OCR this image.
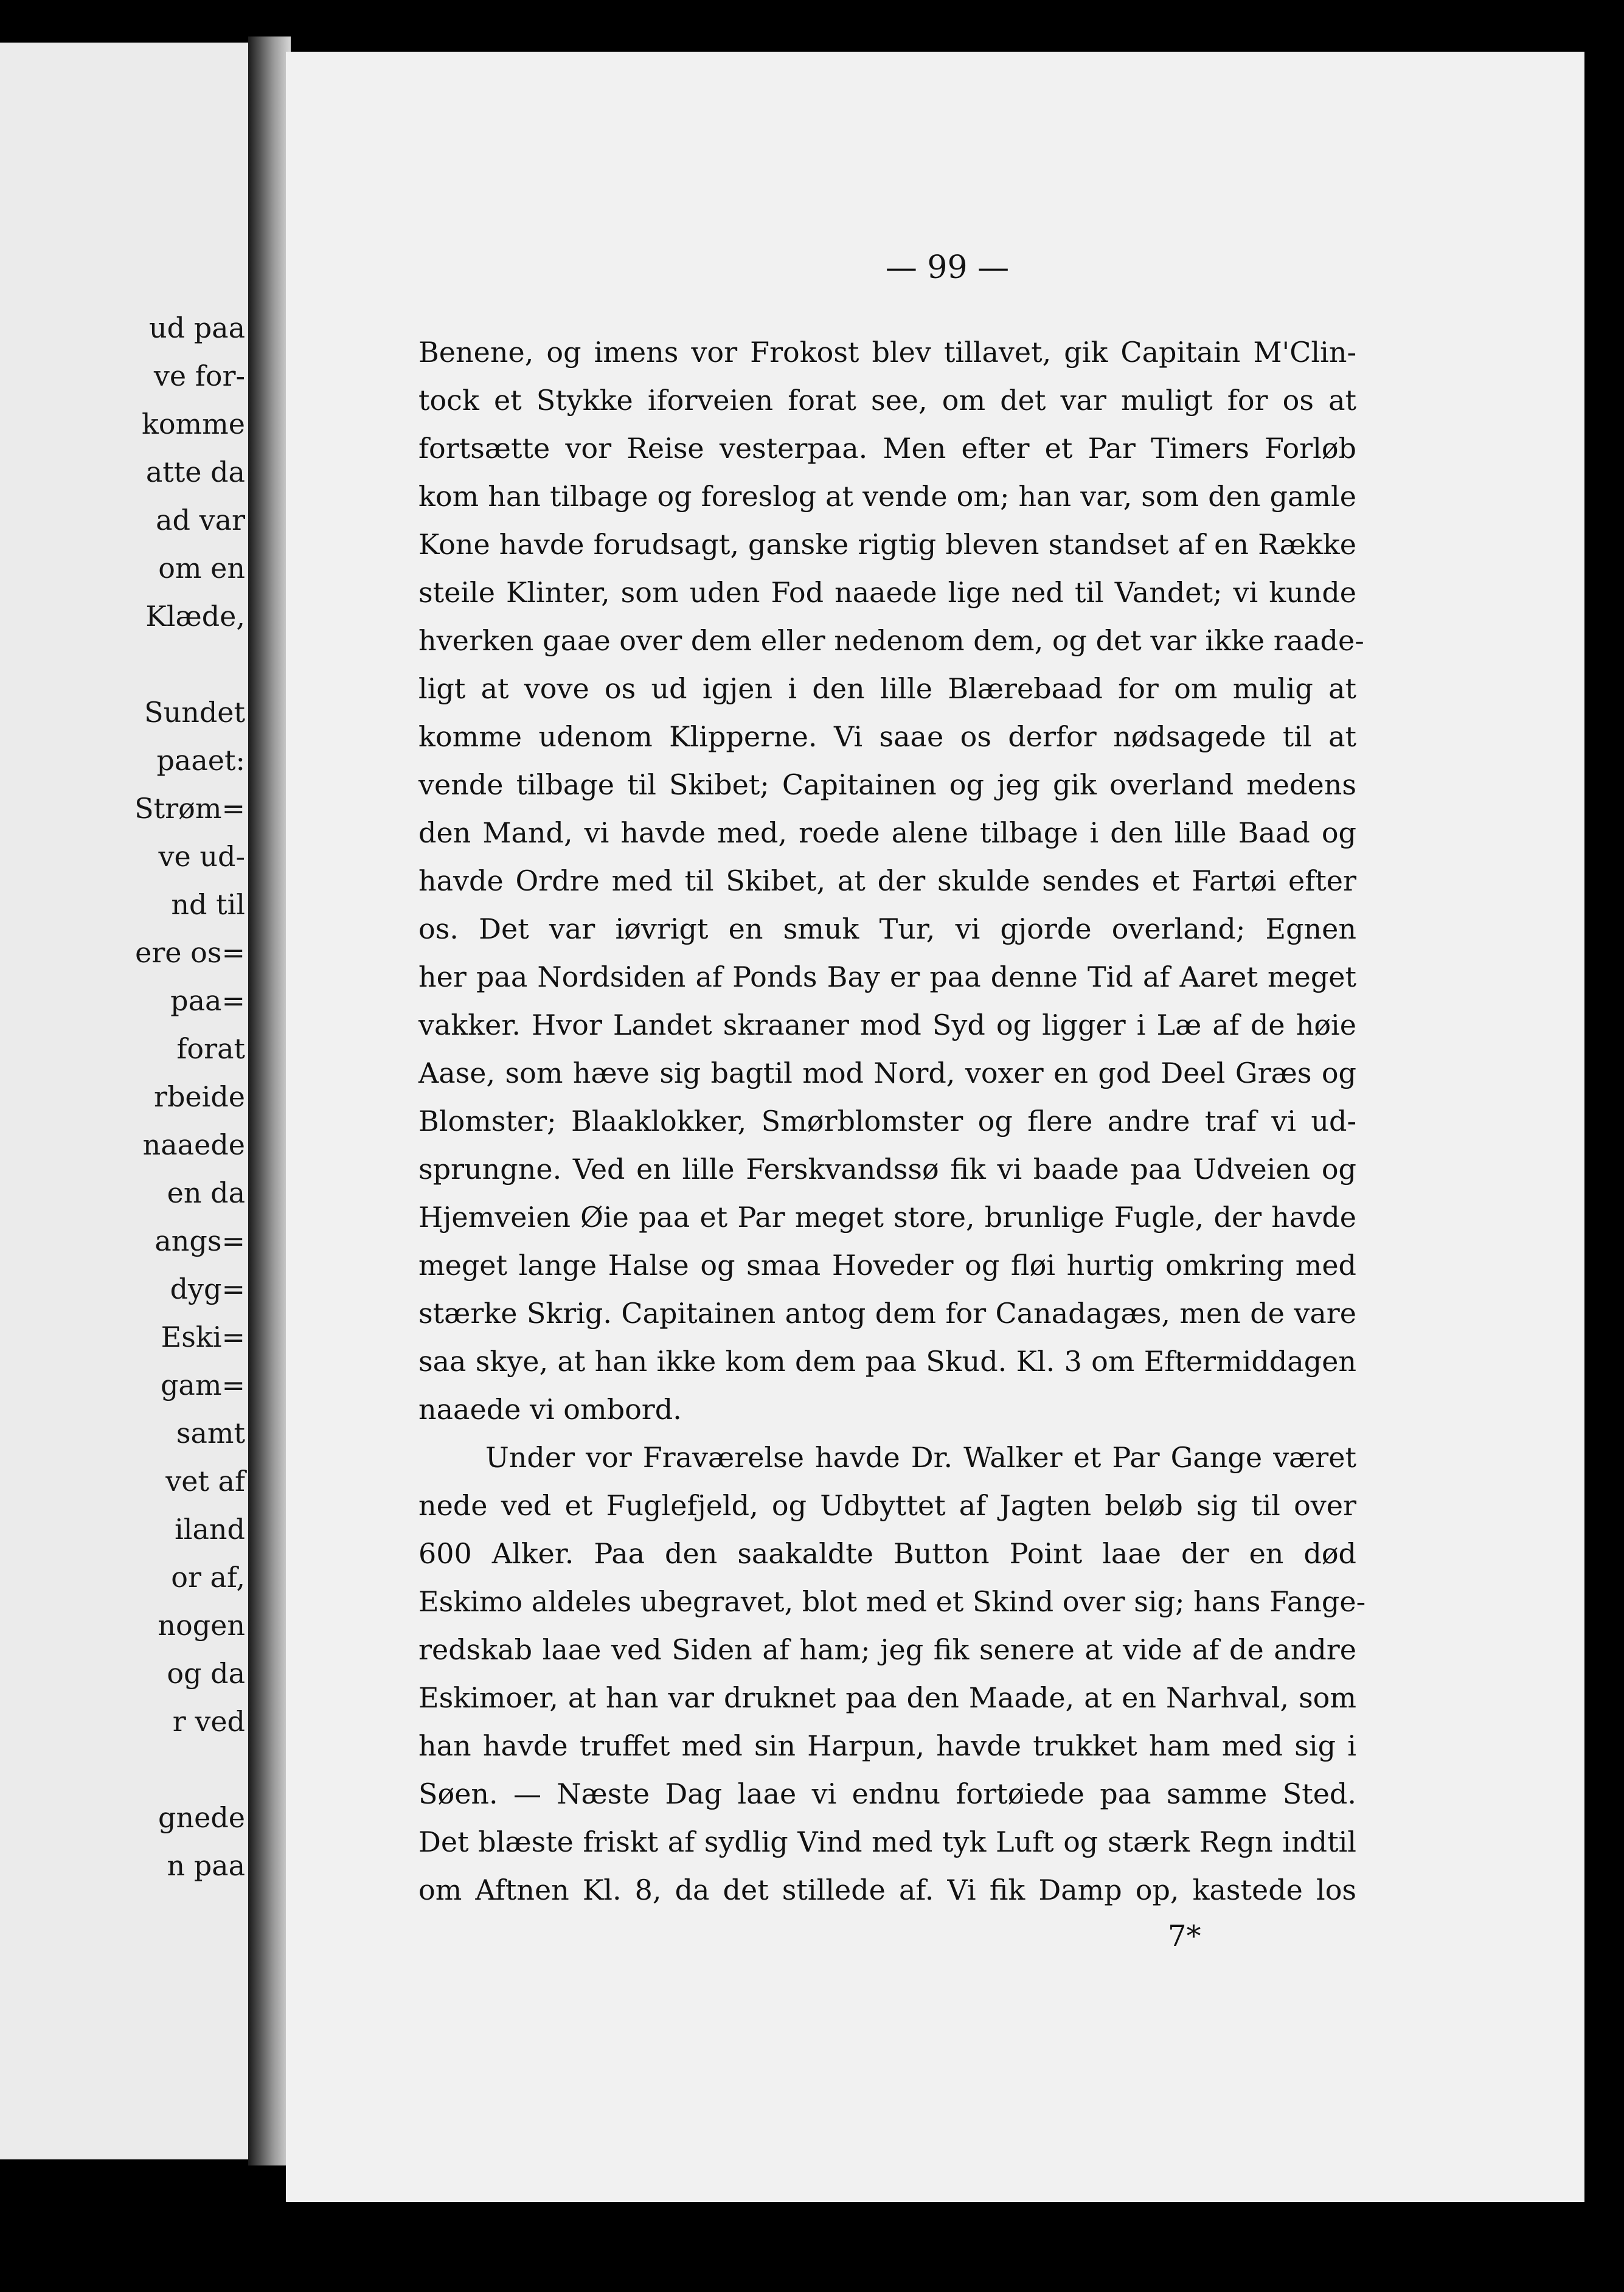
ud paa
ve for-
komme
atte da
ad var
om en
Klæde,

Sundet
paaet:
Strøm=
ve ud-
nd til
ere os=
paa=
forat
rbeide
naaede
en da
angs=
dyg=
Eski=
gam=
samt
vet af
iland
or af,
nogen
og da
r ved

gnede
n paa
— 99 —
Benene, og imens vor Frokost blev tillavet, gik Capitain M'Clin-
tock et Stykke iforveien forat see, om det var muligt for os at
fortsætte vor Reise vesterpaa. Men efter et Par Timers Forløb
kom han tilbage og foreslog at vende om; han var, som den gamle
Kone havde forudsagt, ganske rigtig bleven standset af en Række
steile Klinter, som uden Fod naaede lige ned til Vandet; vi kunde
hverken gaae over dem eller nedenom dem, og det var ikke raade-
ligt at vove os ud igjen i den lille Blærebaad for om mulig at
komme udenom Klipperne. Vi saae os derfor nødsagede til at
vende tilbage til Skibet; Capitainen og jeg gik overland medens
den Mand, vi havde med, roede alene tilbage i den lille Baad og
havde Ordre med til Skibet, at der skulde sendes et Fartøi efter
os. Det var iøvrigt en smuk Tur, vi gjorde overland; Egnen
her paa Nordsiden af Ponds Bay er paa denne Tid af Aaret meget
vakker. Hvor Landet skraaner mod Syd og ligger i Læ af de høie
Aase, som hæve sig bagtil mod Nord, voxer en god Deel Græs og
Blomster; Blaaklokker, Smørblomster og flere andre traf vi ud-
sprungne. Ved en lille Ferskvandssø fik vi baade paa Udveien og
Hjemveien Øie paa et Par meget store, brunlige Fugle, der havde
meget lange Halse og smaa Hoveder og fløi hurtig omkring med
stærke Skrig. Capitainen antog dem for Canadagæs, men de vare
saa skye, at han ikke kom dem paa Skud. Kl. 3 om Eftermiddagen
naaede vi ombord.
Under vor Fraværelse havde Dr. Walker et Par Gange været
nede ved et Fuglefjeld, og Udbyttet af Jagten beløb sig til over
600 Alker. Paa den saakaldte Button Point laae der en død
Eskimo aldeles ubegravet, blot med et Skind over sig; hans Fange-
redskab laae ved Siden af ham; jeg fik senere at vide af de andre
Eskimoer, at han var druknet paa den Maade, at en Narhval, som
han havde truffet med sin Harpun, havde trukket ham med sig i
Søen. — Næste Dag laae vi endnu fortøiede paa samme Sted.
Det blæste friskt af sydlig Vind med tyk Luft og stærk Regn indtil
om Aftnen Kl. 8, da det stillede af. Vi fik Damp op, kastede los
7*
